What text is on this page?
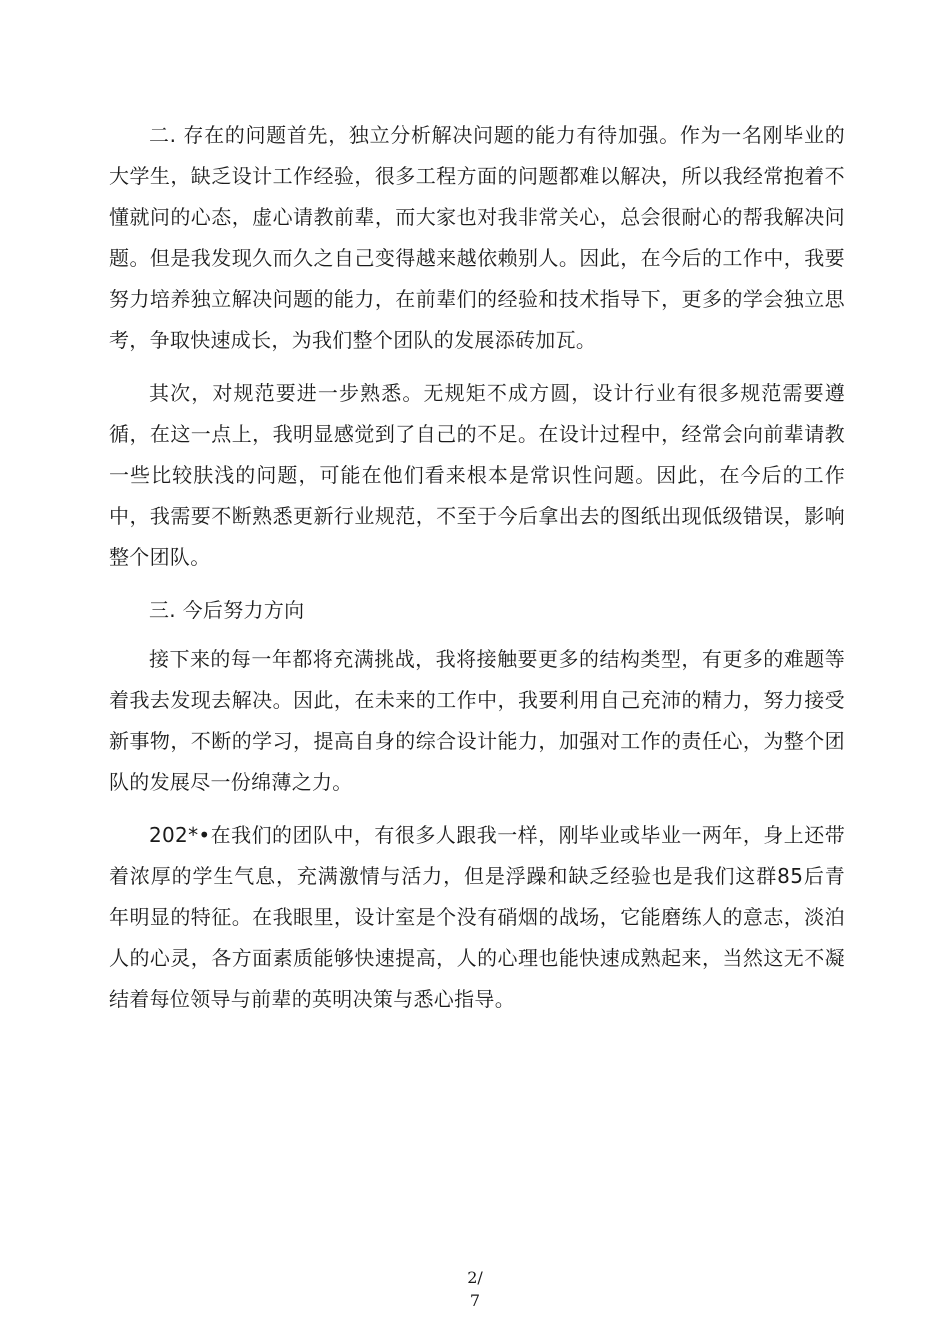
二. 存在的问题首先，独立分析解决问题的能力有待加强。作为一名刚毕业的大学生，缺乏设计工作经验，很多工程方面的问题都难以解决，所以我经常抱着不懂就问的心态，虚心请教前辈，而大家也对我非常关心，总会很耐心的帮我解决问题。但是我发现久而久之自己变得越来越依赖别人。因此，在今后的工作中，我要努力培养独立解决问题的能力，在前辈们的经验和技术指导下，更多的学会独立思考，争取快速成长，为我们整个团队的发展添砖加瓦。

其次，对规范要进一步熟悉。无规矩不成方圆，设计行业有很多规范需要遵循，在这一点上，我明显感觉到了自己的不足。在设计过程中，经常会向前辈请教一些比较肤浅的问题，可能在他们看来根本是常识性问题。因此，在今后的工作中，我需要不断熟悉更新行业规范，不至于今后拿出去的图纸出现低级错误，影响整个团队。

三. 今后努力方向

接下来的每一年都将充满挑战，我将接触要更多的结构类型，有更多的难题等着我去发现去解决。因此，在未来的工作中，我要利用自己充沛的精力，努力接受新事物，不断的学习，提高自身的综合设计能力，加强对工作的责任心，为整个团队的发展尽一份绵薄之力。

202*•在我们的团队中，有很多人跟我一样，刚毕业或毕业一两年，身上还带着浓厚的学生气息，充满激情与活力，但是浮躁和缺乏经验也是我们这群85后青年明显的特征。在我眼里，设计室是个没有硝烟的战场，它能磨练人的意志，淡泊人的心灵，各方面素质能够快速提高，人的心理也能快速成熟起来，当然这无不凝结着每位领导与前辈的英明决策与悉心指导。

2/
7
